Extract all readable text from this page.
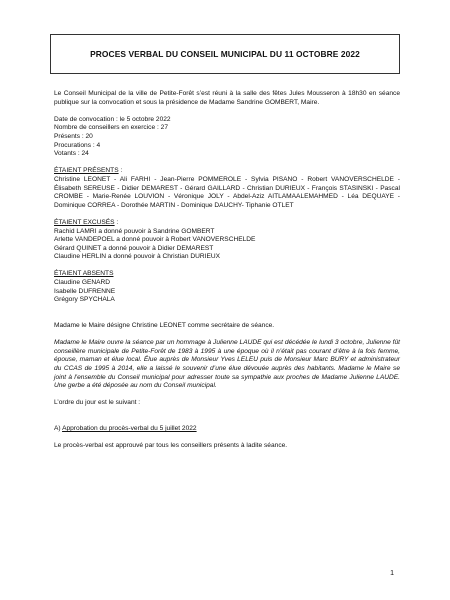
PROCES VERBAL DU CONSEIL MUNICIPAL DU 11 OCTOBRE 2022

Le Conseil Municipal de la ville de Petite-Forêt s’est réuni à la salle des fêtes Jules Mousseron à 18h30 en séance publique sur la convocation et sous la présidence de Madame Sandrine GOMBERT, Maire.

Date de convocation : le 5 octobre 2022
Nombre de conseillers en exercice : 27
Présents : 20
Procurations : 4
Votants : 24
ÉTAIENT PRÉSENTS :

Christine LEONET - Ali FARHI - Jean-Pierre POMMEROLE - Sylvia PISANO - Robert VANOVERSCHELDE - Élisabeth SEREUSE - Didier DEMAREST - Gérard GAILLARD - Christian DURIEUX - François STASINSKI - Pascal CROMBE - Marie-Renée LOUVION - Véronique JOLY - Abdel-Aziz AITLAMAALEMAHMED - Léa DEQUAYE - Dominique CORREA - Dorothée MARTIN - Dominique DAUCHY- Tiphanie OTLET

ÉTAIENT EXCUSÉS :
Rachid LAMRI a donné pouvoir à Sandrine GOMBERT
Arlette VANDEPOEL a donné pouvoir à Robert VANOVERSCHELDE
Gérard QUINET a donné pouvoir à Didier DEMAREST
Claudine HERLIN a donné pouvoir à Christian DURIEUX
ÉTAIENT ABSENTS
Claudine GENARD
Isabelle DUFRENNE
Grégory SPYCHALA

Madame le Maire désigne Christine LEONET comme secrétaire de séance.

Madame le Maire ouvre la séance par un hommage à Julienne LAUDE qui est décédée le lundi 3 octobre, Julienne fût conseillère municipale de Petite-Forêt de 1983 à 1995 à une époque où il n’était pas courant d’être à la fois femme, épouse, maman et élue local. Élue auprès de Monsieur Yves LELEU puis de Monsieur Marc BURY et administrateur du CCAS de 1995 à 2014, elle a laissé le souvenir d’une élue dévouée auprès des habitants. Madame le Maire se joint à l’ensemble du Conseil municipal pour adresser toute sa sympathie aux proches de Madame Julienne LAUDE. Une gerbe a été déposée au nom du Conseil municipal.

L’ordre du jour est le suivant :

A) Approbation du procès-verbal du 5 juillet 2022

Le procès-verbal est approuvé par tous les conseillers présents à ladite séance.

1
